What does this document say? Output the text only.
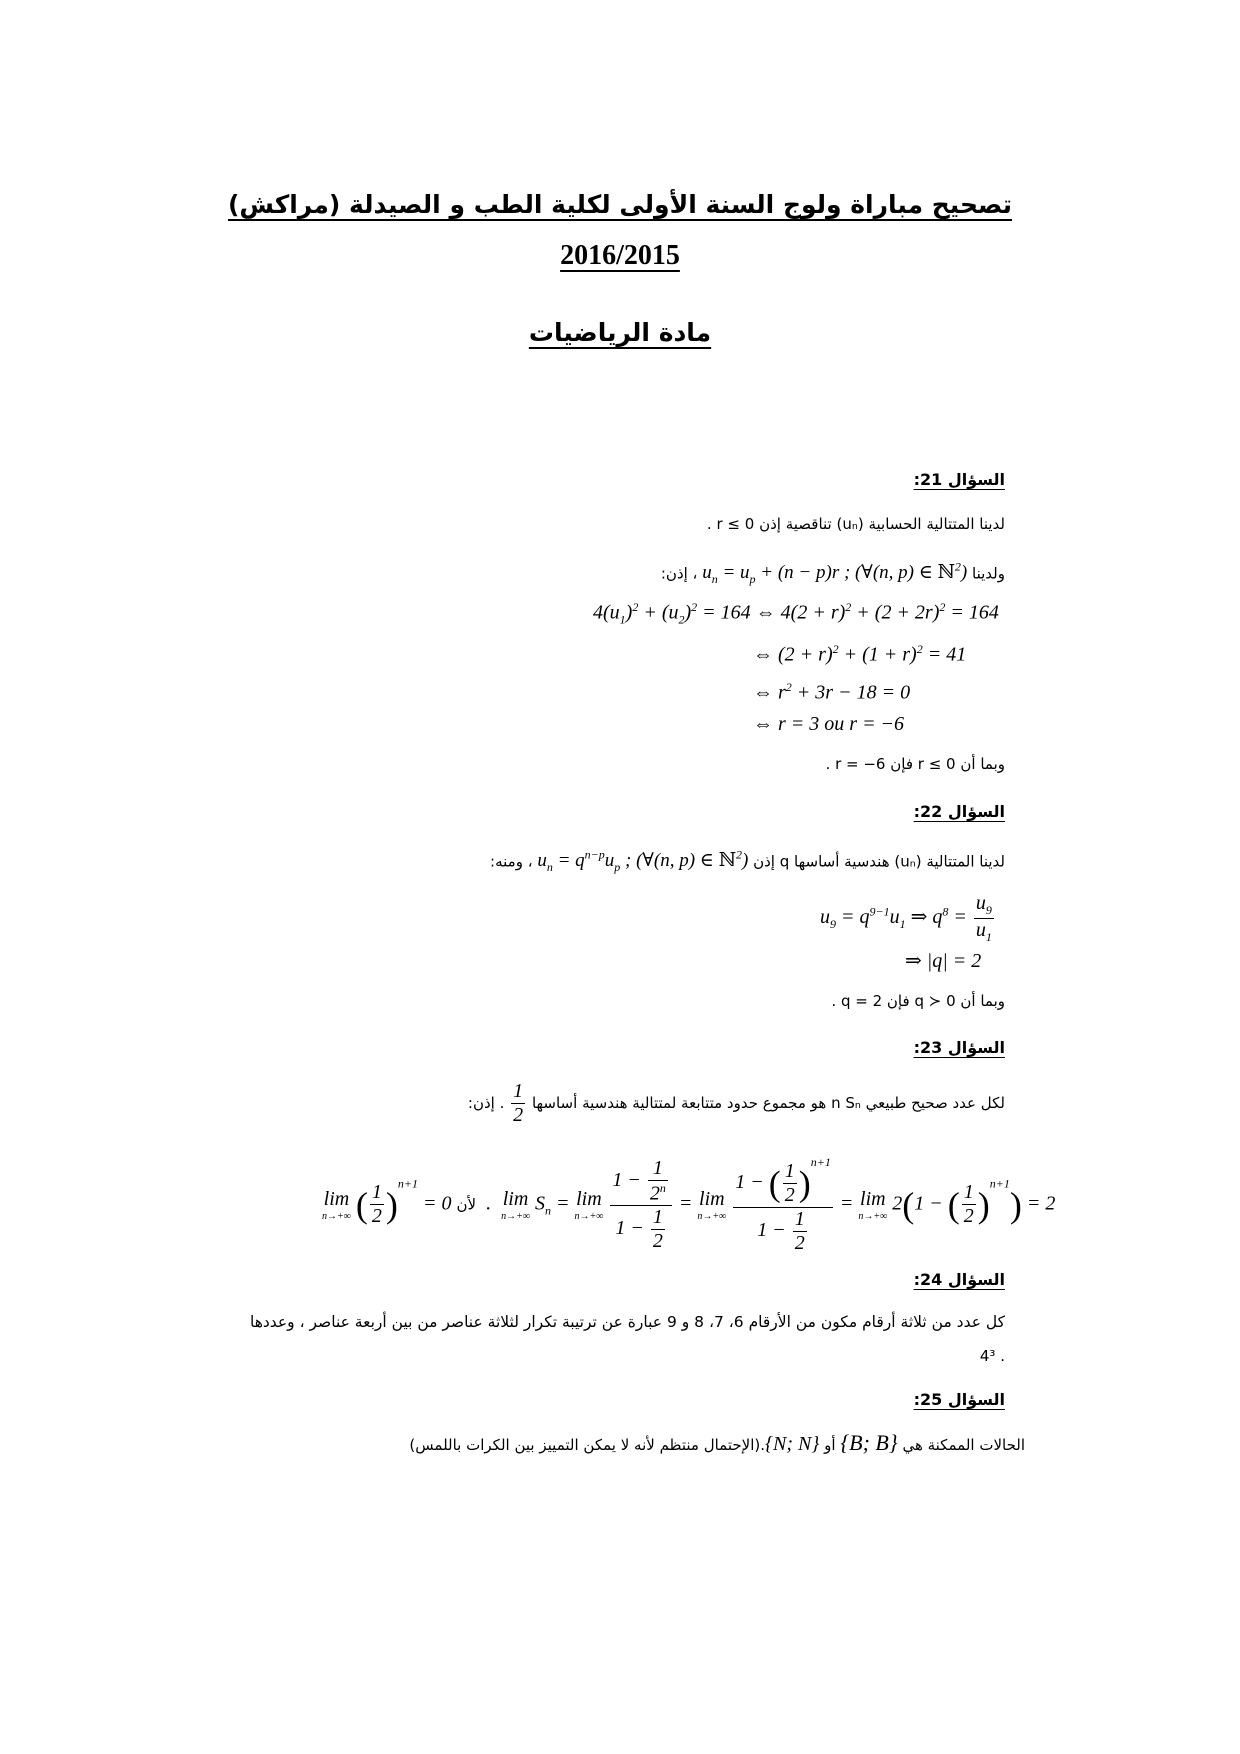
تصحيح مباراة ولوج السنة الأولى لكلية الطب و الصيدلة (مراكش)
2016/2015
مادة الرياضيات
السؤال 21:
لدينا المتتالية الحسابية (uₙ) تناقصية إذن r ≤ 0 .
ولدينا $u_n = u_p + (n - p)r$ ; (∀(n, p) ∈ ℕ$^2$) ، إذن:
$4(u_1)^2 + (u_2)^2 = 164$ ⇔ $4(2 + r)^2 + (2 + 2r)^2 = 164$
⇔ $(2 + r)^2 + (1 + r)^2 = 41$
⇔ $r^2 + 3r - 18 = 0$
⇔ r = 3 ou r = −6
وبما أن r ≤ 0 فإن r = −6 .
السؤال 22:
لدينا المتتالية (uₙ) هندسية أساسها q إذن $u_n = q^{n-p}u_p$ ; (∀(n, p) ∈ ℕ$^2$) ، ومنه:
$u_9 = q^{9-1}u_1$ ⇒ $q^8 = \frac{u_9}{u_1}$
⇒ |q| = 2
وبما أن q ≻ 0 فإن q = 2 .
السؤال 23:
لكل عدد صحيح طبيعي n Sₙ هو مجموع حدود متتابعة لمتتالية هندسية أساسها
$\frac{1}{2}$
. إذن:
lim
n→+∞ ( $\frac{1}{2} )^{n+1} = 0$ لأن  . lim
n→+∞
$S_n = \lim$
n→+∞
$\frac{1 - \frac{1}{2^n}}{1 - \frac{1}{2}} = \lim$
n→+∞
$\frac{1 - ( \frac{1}{2} )^{n+1}}{1 - \frac{1}{2}} = \lim$
n→+∞
2(1 − ( $\frac{1}{2} )^{n+1}) = 2$
السؤال 24:
كل عدد من ثلاثة أرقام مكون من الأرقام 6، 7، 8 و 9 عبارة عن ترتيبة تكرار لثلاثة عناصر من بين أربعة عناصر ، وعددها
. 4³
السؤال 25:
الحالات الممكنة هي {B; B} أو {N; N}.(الإحتمال منتظم لأنه لا يمكن التمييز بين الكرات باللمس)
